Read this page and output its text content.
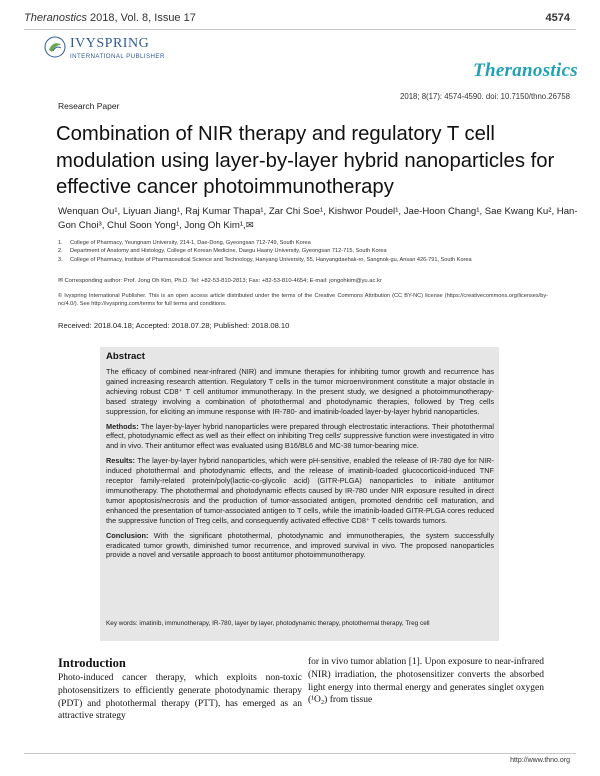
Theranostics 2018, Vol. 8, Issue 17	4574
IVYSPRING
INTERNATIONAL PUBLISHER
Theranostics
2018; 8(17): 4574-4590. doi: 10.7150/thno.26758
Research Paper
Combination of NIR therapy and regulatory T cell modulation using layer-by-layer hybrid nanoparticles for effective cancer photoimmunotherapy
Wenquan Ou¹, Liyuan Jiang¹, Raj Kumar Thapa¹, Zar Chi Soe¹, Kishwor Poudel¹, Jae-Hoon Chang¹, Sae Kwang Ku², Han-Gon Choi³, Chul Soon Yong¹, Jong Oh Kim¹,✉
1.	College of Pharmacy, Yeungnam University, 214-1, Dae-Dong, Gyeongsan 712-749, South Korea
2.	Department of Anatomy and Histology, College of Korean Medicine, Daegu Haany University, Gyeongsan 712-715, South Korea
3.	College of Pharmacy, Institute of Pharmaceutical Science and Technology, Hanyang University, 55, Hanyangdaehak-ro, Sangnok-gu, Ansan 426-791, South Korea
✉ Corresponding author: Prof. Jong Oh Kim, Ph.D. Tel: +82-53-810-2813; Fax: +82-53-810-4654; E-mail: jongohkim@yu.ac.kr
© Ivyspring International Publisher. This is an open access article distributed under the terms of the Creative Commons Attribution (CC BY-NC) license (https://creativecommons.org/licenses/by-nc/4.0/). See http://ivyspring.com/terms for full terms and conditions.
Received: 2018.04.18; Accepted: 2018.07.28; Published: 2018.08.10
Abstract

The efficacy of combined near-infrared (NIR) and immune therapies for inhibiting tumor growth and recurrence has gained increasing research attention. Regulatory T cells in the tumor microenvironment constitute a major obstacle in achieving robust CD8⁺ T cell antitumor immunotherapy. In the present study, we designed a photoimmunotherapy-based strategy involving a combination of photothermal and photodynamic therapies, followed by Treg cells suppression, for eliciting an immune response with IR-780- and imatinib-loaded layer-by-layer hybrid nanoparticles.

Methods: The layer-by-layer hybrid nanoparticles were prepared through electrostatic interactions. Their photothermal effect, photodynamic effect as well as their effect on inhibiting Treg cells' suppressive function were investigated in vitro and in vivo. Their antitumor effect was evaluated using B16/BL6 and MC-38 tumor-bearing mice.

Results: The layer-by-layer hybrid nanoparticles, which were pH-sensitive, enabled the release of IR-780 dye for NIR-induced photothermal and photodynamic effects, and the release of imatinib-loaded glucocorticoid-induced TNF receptor family-related protein/poly(lactic-co-glycolic acid) (GITR-PLGA) nanoparticles to initiate antitumor immunotherapy. The photothermal and photodynamic effects caused by IR-780 under NIR exposure resulted in direct tumor apoptosis/necrosis and the production of tumor-associated antigen, promoted dendritic cell maturation, and enhanced the presentation of tumor-associated antigen to T cells, while the imatinib-loaded GITR-PLGA cores reduced the suppressive function of Treg cells, and consequently activated effective CD8⁺ T cells towards tumors.

Conclusion: With the significant photothermal, photodynamic and immunotherapies, the system successfully eradicated tumor growth, diminished tumor recurrence, and improved survival in vivo. The proposed nanoparticles provide a novel and versatile approach to boost antitumor photoimmunotherapy.

Key words: imatinib, immunotherapy, IR-780, layer by layer, photodynamic therapy, photothermal therapy, Treg cell
Introduction
Photo-induced cancer therapy, which exploits non-toxic photosensitizers to efficiently generate photodynamic therapy (PDT) and photothermal therapy (PTT), has emerged as an attractive strategy
for in vivo tumor ablation [1]. Upon exposure to near-infrared (NIR) irradiation, the photosensitizer converts the absorbed light energy into thermal energy and generates singlet oxygen (¹O₂) from tissue
http://www.thno.org
